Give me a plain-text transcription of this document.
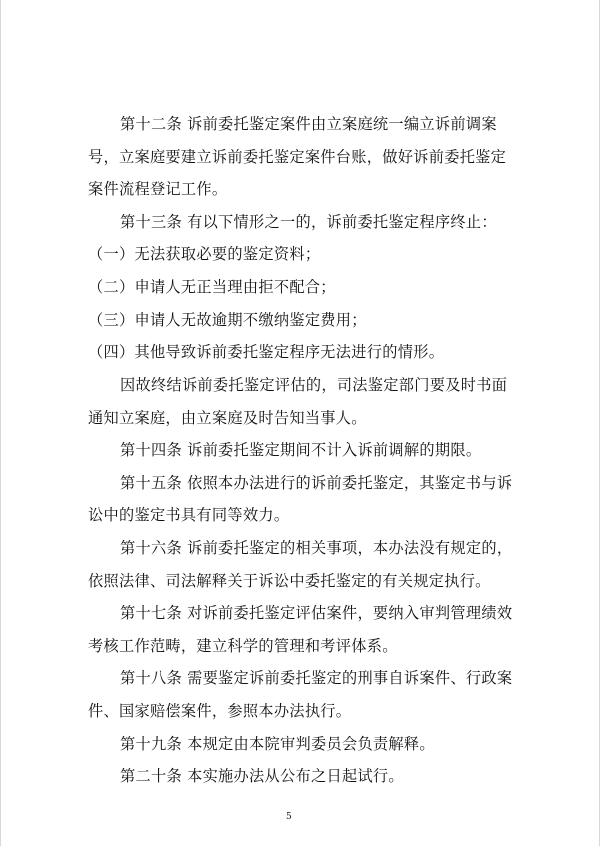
第十二条 诉前委托鉴定案件由立案庭统一编立诉前调案
号，立案庭要建立诉前委托鉴定案件台账，做好诉前委托鉴定
案件流程登记工作。
第十三条 有以下情形之一的，诉前委托鉴定程序终止：
（一）无法获取必要的鉴定资料；
（二）申请人无正当理由拒不配合；
（三）申请人无故逾期不缴纳鉴定费用；
（四）其他导致诉前委托鉴定程序无法进行的情形。
因故终结诉前委托鉴定评估的，司法鉴定部门要及时书面
通知立案庭，由立案庭及时告知当事人。
第十四条 诉前委托鉴定期间不计入诉前调解的期限。
第十五条 依照本办法进行的诉前委托鉴定，其鉴定书与诉
讼中的鉴定书具有同等效力。
第十六条 诉前委托鉴定的相关事项，本办法没有规定的，
依照法律、司法解释关于诉讼中委托鉴定的有关规定执行。
第十七条 对诉前委托鉴定评估案件，要纳入审判管理绩效
考核工作范畴，建立科学的管理和考评体系。
第十八条 需要鉴定诉前委托鉴定的刑事自诉案件、行政案
件、国家赔偿案件，参照本办法执行。
第十九条 本规定由本院审判委员会负责解释。
第二十条 本实施办法从公布之日起试行。
5
